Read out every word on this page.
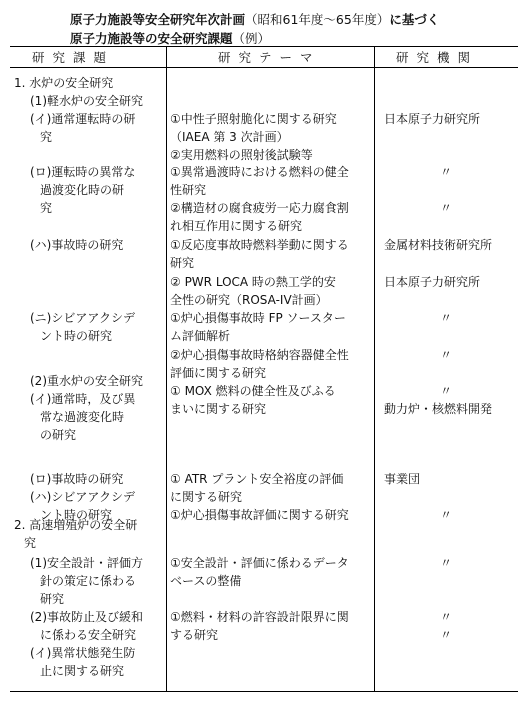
原子力施設等安全研究年次計画（昭和61年度～65年度）に基づく
原子力施設等の安全研究課題（例）
研究課題	研究テーマ	研究機関
1. 水炉の安全研究
(1)軽水炉の安全研究
(イ)通常運転時の研
究
(ロ)運転時の異常な
過渡変化時の研
究
(ハ)事故時の研究
(ニ)シビアアクシデ
ント時の研究
(2)重水炉の安全研究
(イ)通常時，及び異
常な過渡変化時
の研究
(ロ)事故時の研究
(ハ)シビアアクシデ
ント時の研究
2. 高速増殖炉の安全研
究
(1)安全設計・評価方
針の策定に係わる
研究
(2)事故防止及び緩和
に係わる安全研究
(イ)異常状態発生防
止に関する研究
①中性子照射脆化に関する研究
（IAEA 第 3 次計画）
②実用燃料の照射後試験等
①異常過渡時における燃料の健全
性研究
②構造材の腐食疲労一応力腐食割
れ相互作用に関する研究
①反応度事故時燃料挙動に関する
研究
② PWR LOCA 時の熱工学的安
全性の研究（ROSA-IV計画）
①炉心損傷事故時 FP ソースター
ム評価解析
②炉心損傷事故時格納容器健全性
評価に関する研究
① MOX 燃料の健全性及びふる
まいに関する研究
① ATR プラント安全裕度の評価
に関する研究
①炉心損傷事故評価に関する研究
①安全設計・評価に係わるデータ
ベースの整備
①燃料・材料の許容設計限界に関
する研究
日本原子力研究所
〃
〃
金属材料技術研究所
日本原子力研究所
〃
〃
〃
動力炉・核燃料開発
事業団
〃
〃
〃
〃
